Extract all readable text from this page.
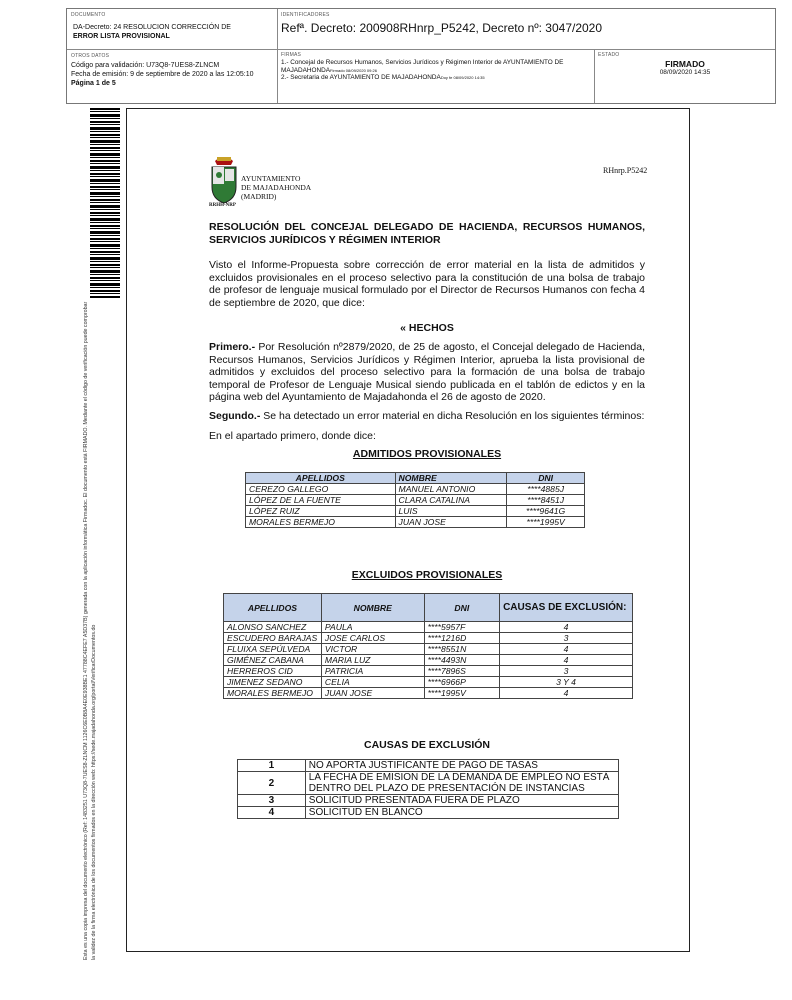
DOCUMENTO
DA-Decreto: 24 RESOLUCION CORRECCIÓN DE
ERROR LISTA PROVISIONAL
IDENTIFICADORES
Refª. Decreto: 200908RHnrp_P5242, Decreto nº: 3047/2020
OTROS DATOS
Código para validación: U73Q8-7UES8-ZLNCM
Fecha de emisión: 9 de septiembre de 2020 a las 12:05:10
Página 1 de 5
FIRMAS
1.- Concejal de Recursos Humanos, Servicios Jurídicos y Régimen Interior de AYUNTAMIENTO DE
MAJADAHONDAFirmado 08/09/2020 09:26
2.- Secretaria de AYUNTAMIENTO DE MAJADAHONDADoy fe 08/09/2020 14:35
ESTADO
FIRMADO
08/09/2020 14:35
Esta es una copia impresa del documento electrónico (Ref: 1483251 U73Q8-7UES8-ZLNCM 1126C6E0B8A4E0E938BE1 47788C4EFE7 A5D37B) generada con la aplicación informática Firmadoc. El documento está FIRMADO. Mediante el código de verificación puede comprobar la validez de la firma electrónica de los documentos firmados en la dirección web: https://sede.majadahonda.org/portal/VerificarDocumentos.do
AYUNTAMIENTO
DE MAJADAHONDA
(MADRID)
RRHH-NRP
RHnrp.P5242
RESOLUCIÓN DEL CONCEJAL DELEGADO DE HACIENDA, RECURSOS HUMANOS, SERVICIOS JURÍDICOS Y RÉGIMEN INTERIOR

Visto el Informe-Propuesta sobre corrección de error material en la lista de admitidos y excluidos provisionales en el proceso selectivo para la constitución de una bolsa de trabajo de profesor de lenguaje musical formulado por el Director de Recursos Humanos con fecha 4 de septiembre de 2020, que dice:

« HECHOS

Primero.- Por Resolución nº2879/2020, de 25 de agosto, el Concejal delegado de Hacienda, Recursos Humanos, Servicios Jurídicos y Régimen Interior, aprueba la lista provisional de admitidos y excluidos del proceso selectivo para la formación de una bolsa de trabajo temporal de Profesor de Lenguaje Musical siendo publicada en el tablón de edictos y en la página web del Ayuntamiento de Majadahonda el 26 de agosto de 2020.

Segundo.- Se ha detectado un error material en dicha Resolución en los siguientes términos:

En el apartado primero, donde dice:

ADMITIDOS PROVISIONALES
APELLIDOS	NOMBRE	DNI
CEREZO GALLEGO	MANUEL ANTONIO	****4885J
LÓPEZ DE LA FUENTE	CLARA CATALINA	****8451J
LÓPEZ RUIZ	LUIS	****9641G
MORALES BERMEJO	JUAN JOSE	****1995V
EXCLUIDOS PROVISIONALES
APELLIDOS	NOMBRE	DNI	CAUSAS DE EXCLUSIÓN:
ALONSO SANCHEZ	PAULA	****5957F	4
ESCUDERO BARAJAS	JOSE CARLOS	****1216D	3
FLUIXA SEPÚLVEDA	VICTOR	****8551N	4
GIMÉNEZ CABANA	MARIA LUZ	****4493N	4
HERREROS CID	PATRICIA	****7896S	3
JIMENEZ SEDANO	CELIA	****6966P	3 Y 4
MORALES BERMEJO	JUAN JOSE	****1995V	4
CAUSAS DE EXCLUSIÓN
1	NO APORTA JUSTIFICANTE DE PAGO DE TASAS
2	LA FECHA DE EMISION DE LA DEMANDA DE EMPLEO NO ESTÁ DENTRO DEL PLAZO DE PRESENTACIÓN DE INSTANCIAS
3	SOLICITUD PRESENTADA FUERA DE PLAZO
4	SOLICITUD EN BLANCO
